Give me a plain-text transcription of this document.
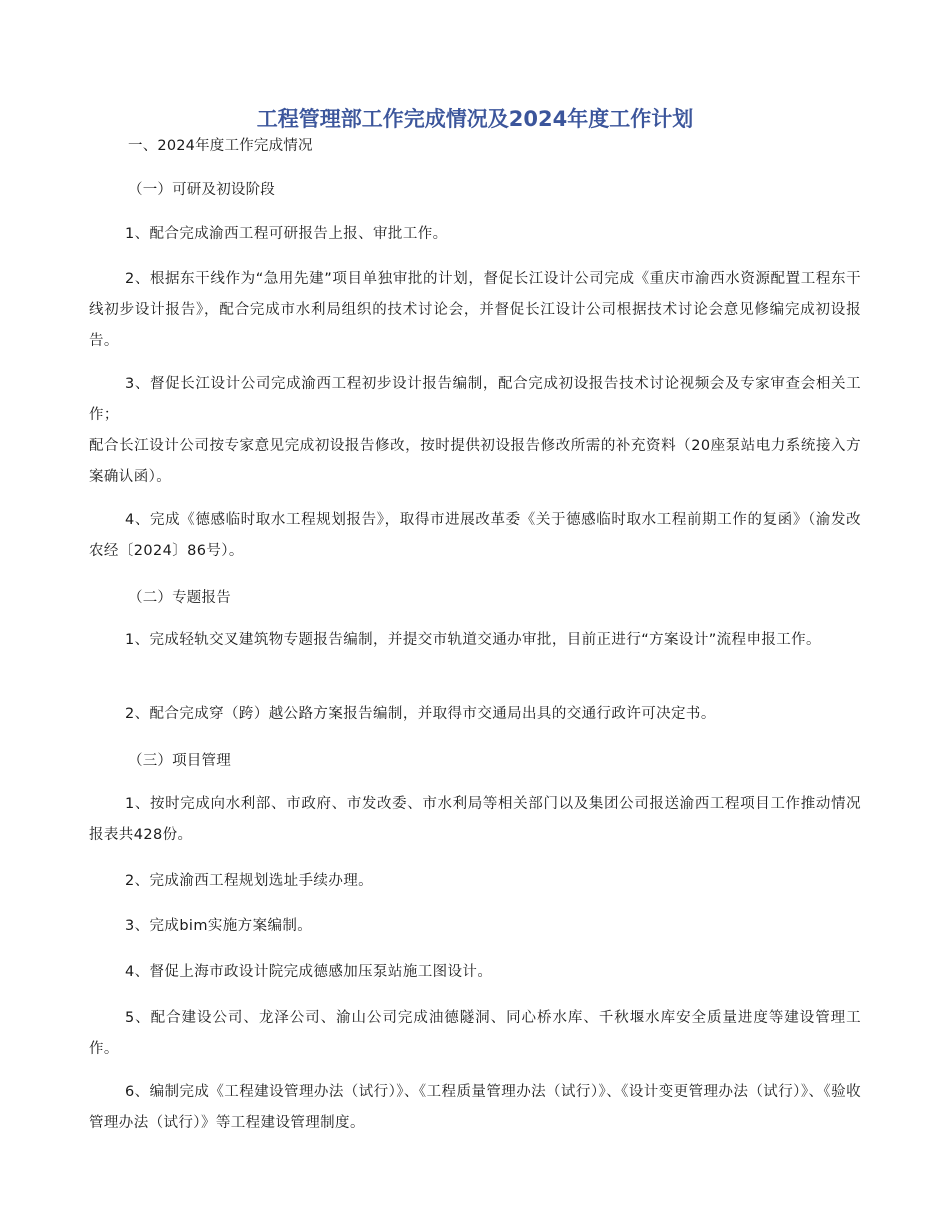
工程管理部工作完成情况及2024年度工作计划
一、2024年度工作完成情况
（一）可研及初设阶段
1、配合完成渝西工程可研报告上报、审批工作。
2、根据东干线作为“急用先建”项目单独审批的计划，督促长江设计公司完成《重庆市渝西水资源配置工程东干线初步设计报告》，配合完成市水利局组织的技术讨论会，并督促长江设计公司根据技术讨论会意见修编完成初设报告。
3、督促长江设计公司完成渝西工程初步设计报告编制，配合完成初设报告技术讨论视频会及专家审查会相关工作；
配合长江设计公司按专家意见完成初设报告修改，按时提供初设报告修改所需的补充资料（20座泵站电力系统接入方案确认函）。
4、完成《德感临时取水工程规划报告》，取得市进展改革委《关于德感临时取水工程前期工作的复函》（渝发改农经〔2024〕86号）。
（二）专题报告
1、完成轻轨交叉建筑物专题报告编制，并提交市轨道交通办审批，目前正进行“方案设计”流程申报工作。
2、配合完成穿（跨）越公路方案报告编制，并取得市交通局出具的交通行政许可决定书。
（三）项目管理
1、按时完成向水利部、市政府、市发改委、市水利局等相关部门以及集团公司报送渝西工程项目工作推动情况报表共428份。
2、完成渝西工程规划选址手续办理。
3、完成bim实施方案编制。
4、督促上海市政设计院完成德感加压泵站施工图设计。
5、配合建设公司、龙泽公司、渝山公司完成油德隧洞、同心桥水库、千秋堰水库安全质量进度等建设管理工作。
6、编制完成《工程建设管理办法（试行）》、《工程质量管理办法（试行）》、《设计变更管理办法（试行）》、《验收管理办法（试行）》等工程建设管理制度。
